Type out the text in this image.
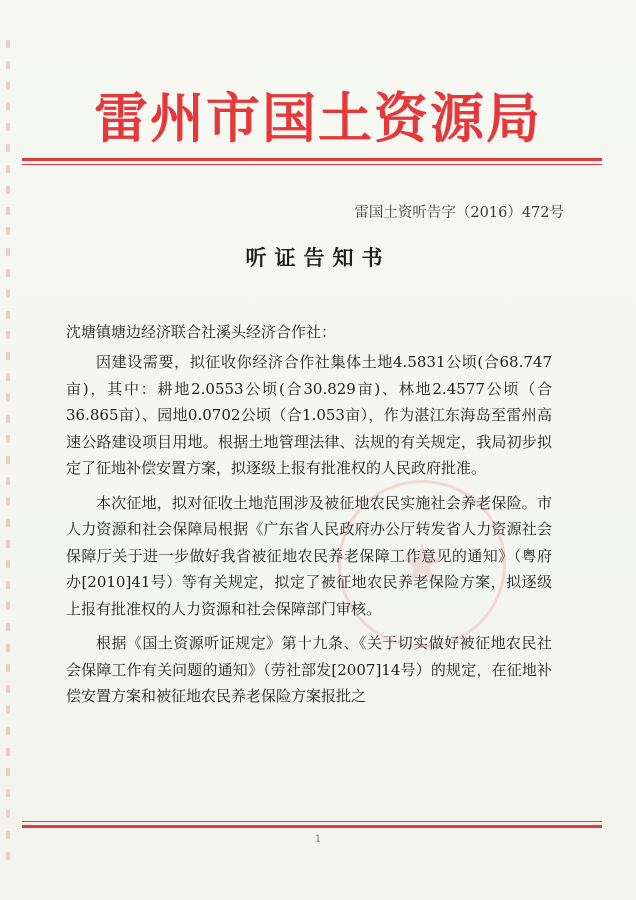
雷州市国土资源局
雷国土资听告字（2016）472号
听证告知书
★
沈塘镇塘边经济联合社溪头经济合作社：

因建设需要，拟征收你经济合作社集体土地4.5831公顷(合68.747亩)，其中：耕地2.0553公顷(合30.829亩)、林地2.4577公顷（合36.865亩）、园地0.0702公顷（合1.053亩），作为湛江东海岛至雷州高速公路建设项目用地。根据土地管理法律、法规的有关规定，我局初步拟定了征地补偿安置方案，拟逐级上报有批准权的人民政府批准。

本次征地，拟对征收土地范围涉及被征地农民实施社会养老保险。市人力资源和社会保障局根据《广东省人民政府办公厅转发省人力资源社会保障厅关于进一步做好我省被征地农民养老保障工作意见的通知》（粤府办[2010]41号）等有关规定，拟定了被征地农民养老保险方案，拟逐级上报有批准权的人力资源和社会保障部门审核。

根据《国土资源听证规定》第十九条、《关于切实做好被征地农民社会保障工作有关问题的通知》（劳社部发[2007]14号）的规定，在征地补偿安置方案和被征地农民养老保险方案报批之

1
